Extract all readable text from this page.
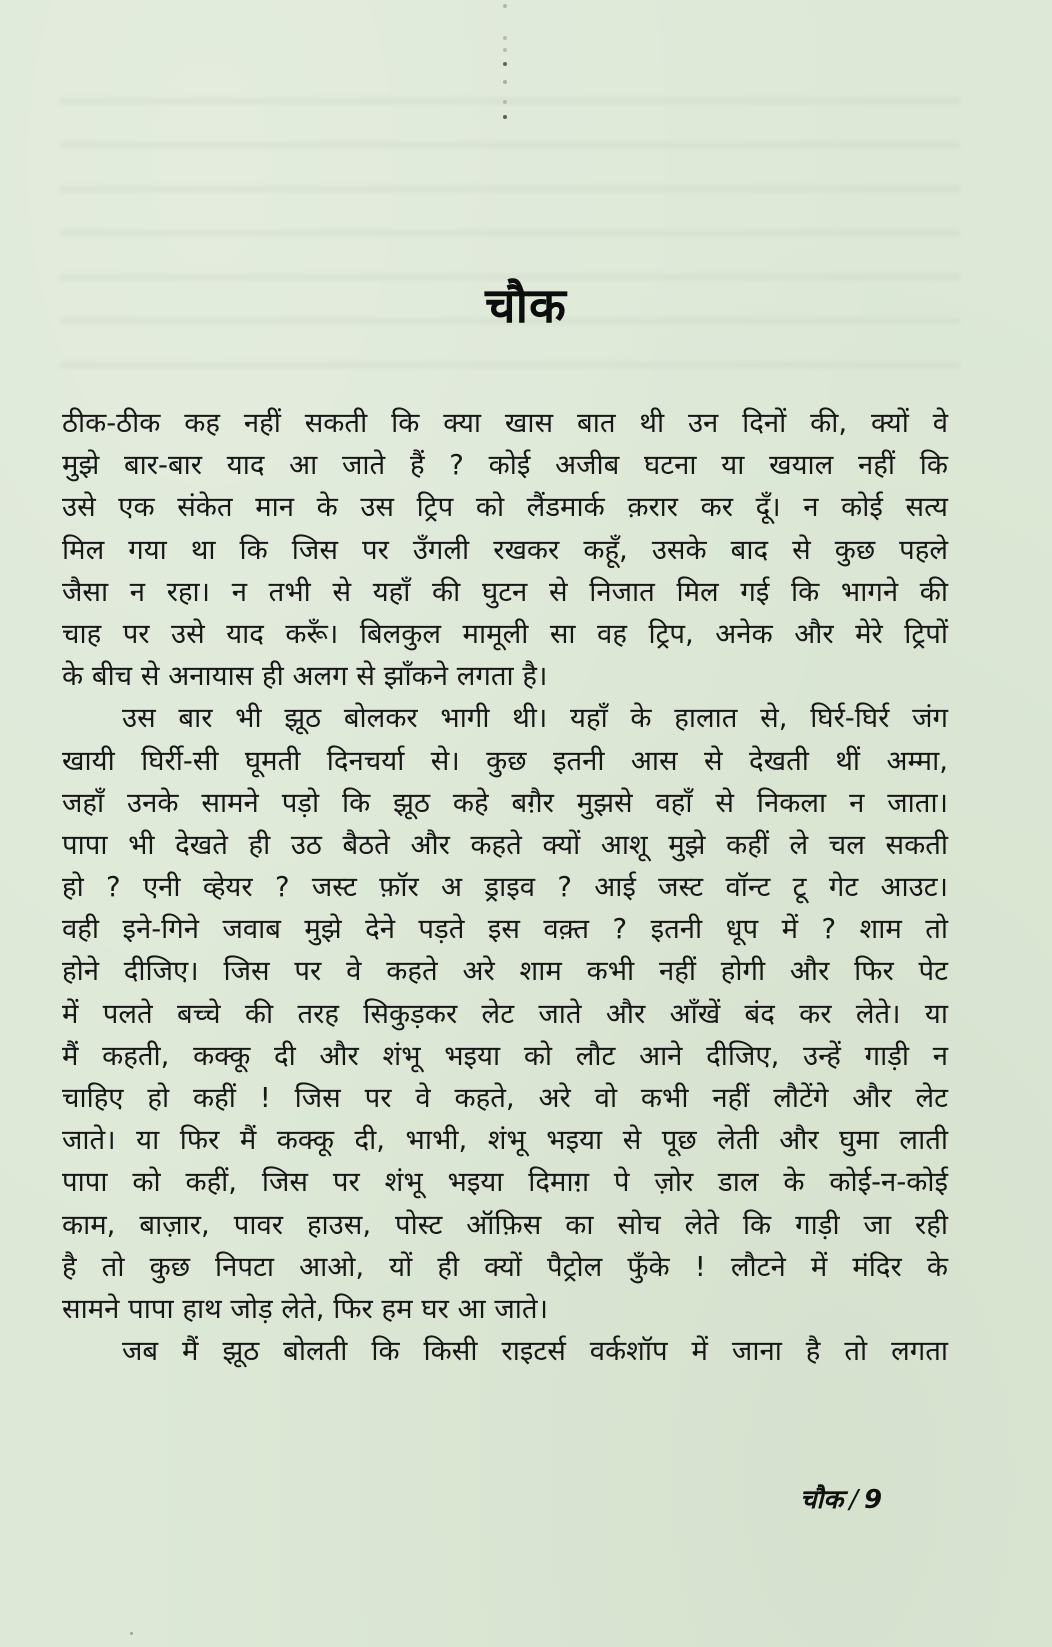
चौक
ठीक-ठीक कह नहीं सकती कि क्या खास बात थी उन दिनों की, क्यों वे
मुझे बार-बार याद आ जाते हैं ? कोई अजीब घटना या खयाल नहीं कि
उसे एक संकेत मान के उस ट्रिप को लैंडमार्क क़रार कर दूँ। न कोई सत्य
मिल गया था कि जिस पर उँगली रखकर कहूँ, उसके बाद से कुछ पहले
जैसा न रहा। न तभी से यहाँ की घुटन से निजात मिल गई कि भागने की
चाह पर उसे याद करूँ। बिलकुल मामूली सा वह ट्रिप, अनेक और मेरे ट्रिपों
के बीच से अनायास ही अलग से झाँकने लगता है।
उस बार भी झूठ बोलकर भागी थी। यहाँ के हालात से, घिर्र-घिर्र जंग
खायी घिर्री-सी घूमती दिनचर्या से। कुछ इतनी आस से देखती थीं अम्मा,
जहाँ उनके सामने पड़ो कि झूठ कहे बग़ैर मुझसे वहाँ से निकला न जाता।
पापा भी देखते ही उठ बैठते और कहते क्यों आशू मुझे कहीं ले चल सकती
हो ? एनी व्हेयर ? जस्ट फ़ॉर अ ड्राइव ? आई जस्ट वॉन्ट टू गेट आउट।
वही इने-गिने जवाब मुझे देने पड़ते इस वक़्त ? इतनी धूप में ? शाम तो
होने दीजिए। जिस पर वे कहते अरे शाम कभी नहीं होगी और फिर पेट
में पलते बच्चे की तरह सिकुड़कर लेट जाते और आँखें बंद कर लेते। या
मैं कहती, कक्कू दी और शंभू भइया को लौट आने दीजिए, उन्हें गाड़ी न
चाहिए हो कहीं ! जिस पर वे कहते, अरे वो कभी नहीं लौटेंगे और लेट
जाते। या फिर मैं कक्कू दी, भाभी, शंभू भइया से पूछ लेती और घुमा लाती
पापा को कहीं, जिस पर शंभू भइया दिमाग़ पे ज़ोर डाल के कोई-न-कोई
काम, बाज़ार, पावर हाउस, पोस्ट ऑफ़िस का सोच लेते कि गाड़ी जा रही
है तो कुछ निपटा आओ, यों ही क्यों पैट्रोल फुँके ! लौटने में मंदिर के
सामने पापा हाथ जोड़ लेते, फिर हम घर आ जाते।
जब मैं झूठ बोलती कि किसी राइटर्स वर्कशॉप में जाना है तो लगता
चौक / 9
